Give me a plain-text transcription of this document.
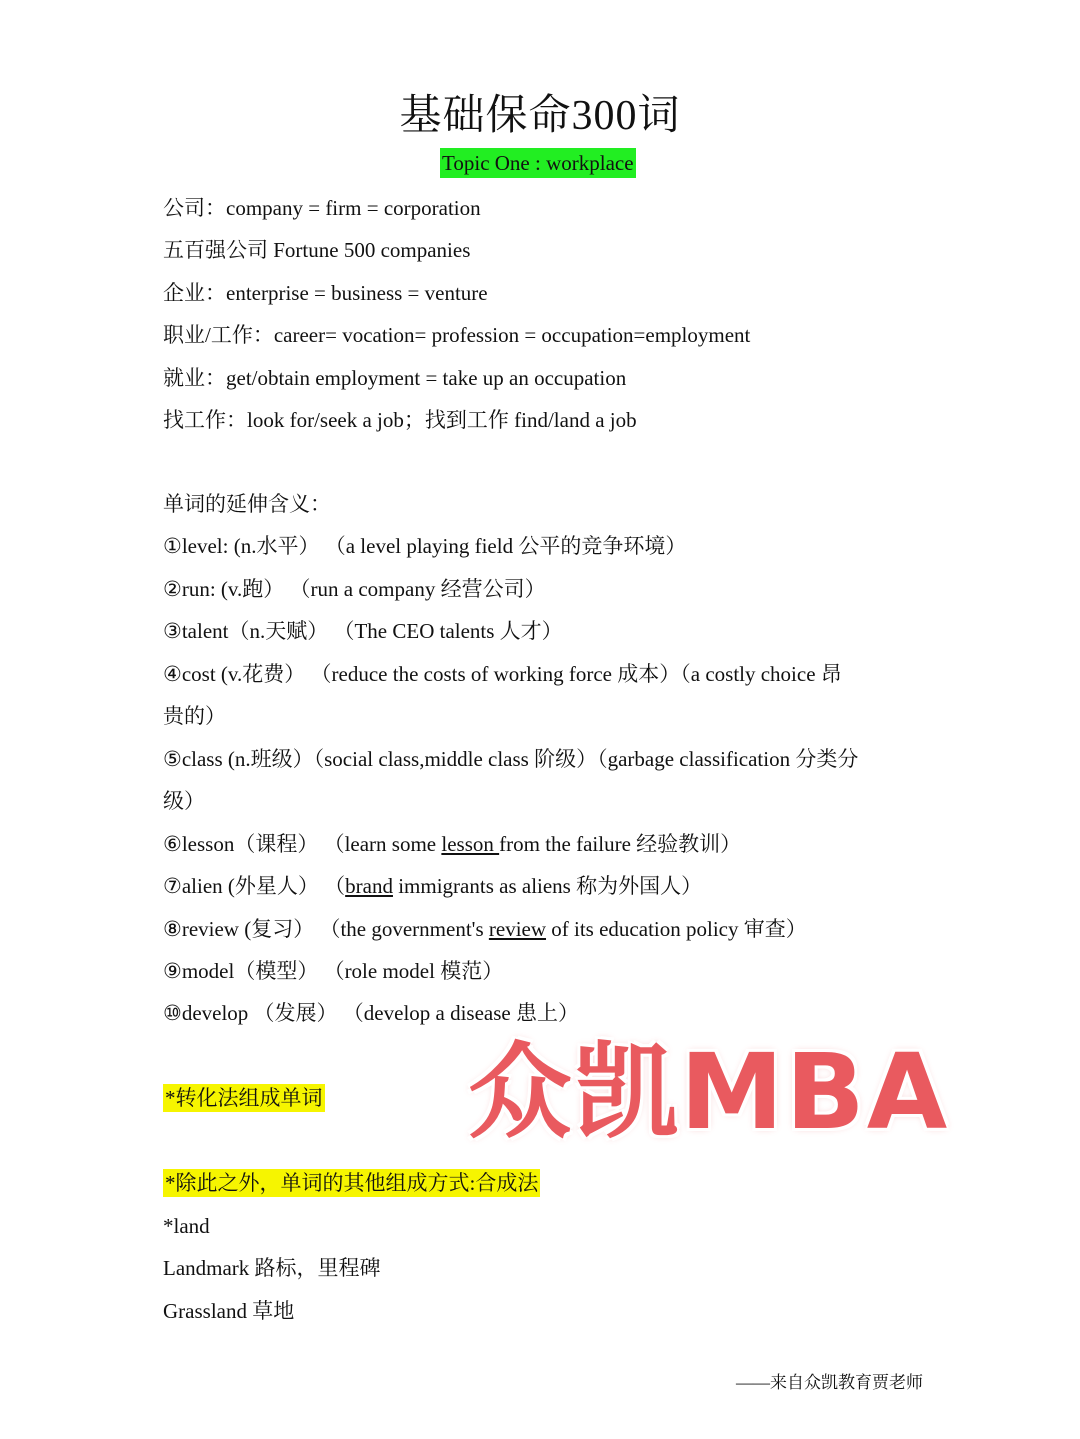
基础保命300词
Topic One : workplace
公司：company = firm = corporation
五百强公司 Fortune 500 companies
企业：enterprise = business = venture
职业/工作：career= vocation= profession = occupation=employment
就业：get/obtain employment = take up an occupation
找工作：look for/seek a job；找到工作 find/land a job
单词的延伸含义：
①level: (n.水平） （a level playing field 公平的竞争环境）
②run: (v.跑） （run a company 经营公司）
③talent（n.天赋） （The CEO talents 人才）
④cost (v.花费） （reduce the costs of working force 成本）（a costly choice 昂
贵的）
⑤class (n.班级）（social class,middle class 阶级）（garbage classification 分类分
级）
⑥lesson（课程） （learn some lesson from the failure 经验教训）
⑦alien (外星人） （brand immigrants as aliens 称为外国人）
⑧review (复习） （the government's review of its education policy 审查）
⑨model（模型） （role model 模范）
⑩develop （发展） （develop a disease 患上）
*转化法组成单词 众凯MBA
*除此之外，单词的其他组成方式:合成法
*land
Landmark 路标，里程碑
Grassland 草地
——来自众凯教育贾老师
